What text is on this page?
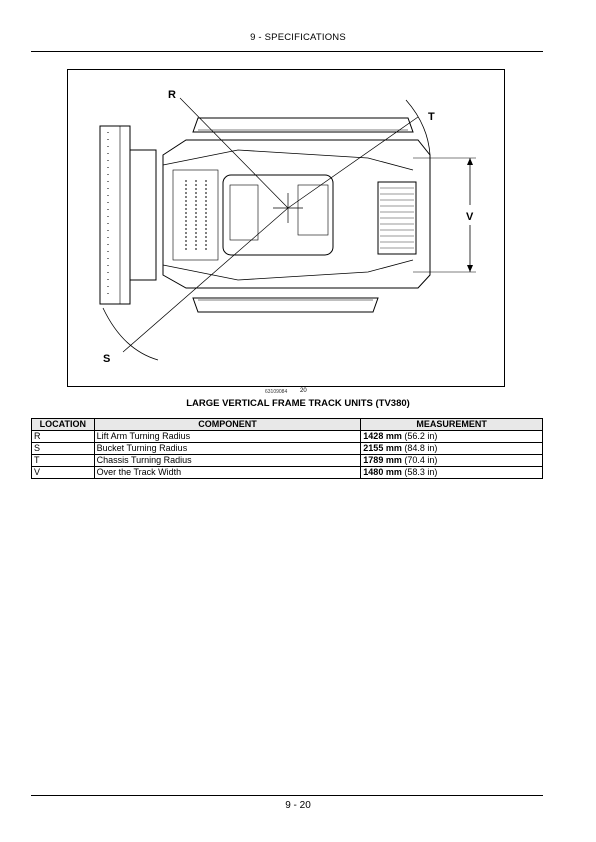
9 - SPECIFICATIONS
R
T
V
S
63109084 20
LARGE VERTICAL FRAME TRACK UNITS (TV380)
LOCATION	COMPONENT	MEASUREMENT
R	Lift Arm Turning Radius	1428 mm (56.2 in)
S	Bucket Turning Radius	2155 mm (84.8 in)
T	Chassis Turning Radius	1789 mm (70.4 in)
V	Over the Track Width	1480 mm (58.3 in)
9 - 20
